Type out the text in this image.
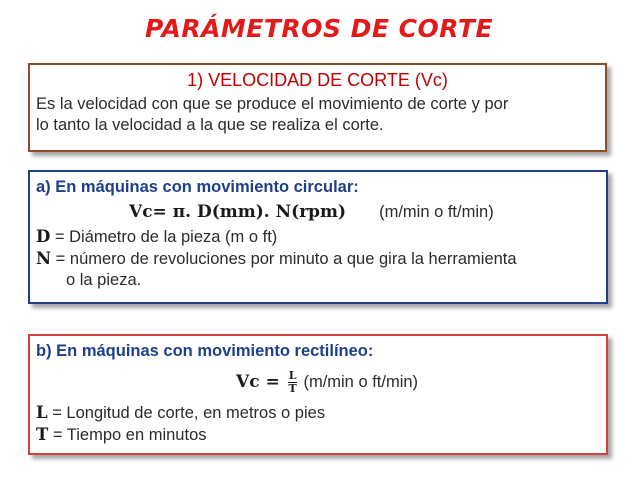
PARÁMETROS DE CORTE
1) VELOCIDAD DE CORTE (Vc)
Es la velocidad con que se produce el movimiento de corte y por
lo tanto la velocidad a la que se realiza el corte.
a) En máquinas con movimiento circular:
Vc= π. D(mm). N(rpm) (m/min o ft/min)
D = Diámetro de la pieza (m o ft)
N = número de revoluciones por minuto a que gira la herramienta
o la pieza.
b) En máquinas con movimiento rectilíneo:
$Vc = \frac{L}{T} (m/\min$ o ft/min)
L = Longitud de corte, en metros o pies
T = Tiempo en minutos
